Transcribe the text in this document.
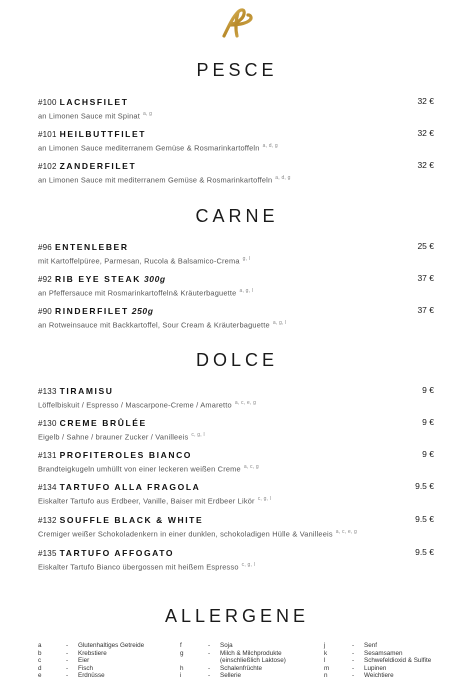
PESCE
#100 LACHSFILET	32 €
an Limonen Sauce mit Spinat $^{a, g}$
#101 HEILBUTTFILET	32 €
an Limonen Sauce mediterranem Gemüse & Rosmarinkartoffeln $^{a, d, g}$
#102 ZANDERFILET	32 €
an Limonen Sauce mit mediterranem Gemüse & Rosmarinkartoffeln $^{a, d, g}$
CARNE
#96 ENTENLEBER	25 €
mit Kartoffelpüree, Parmesan, Rucola & Balsamico-Crema $^{g, l}$
#92 RIB EYE STEAK 300g	37 €
an Pfeffersauce mit Rosmarinkartoffeln& Kräuterbaguette $^{a, g, l}$
#90 RINDERFILET 250g	37 €
an Rotweinsauce mit Backkartoffel, Sour Cream & Kräuterbaguette $^{a, g, l}$
DOLCE
#133 TIRAMISU	9 €
Löffelbiskuit / Espresso / Mascarpone-Creme / Amaretto $^{a, c, e, g}$
#130 CREME BRÛLÉE	9 €
Eigelb / Sahne / brauner Zucker / Vanilleeis $^{c, g, l}$
#131 PROFITEROLES BIANCO	9 €
Brandteigkugeln umhüllt von einer leckeren weißen Creme $^{a, c, g}$
#134 TARTUFO ALLA FRAGOLA	9.5 €
Eiskalter Tartufo aus Erdbeer, Vanille, Baiser mit Erdbeer Likör $^{c, g, l}$
#132 SOUFFLE BLACK & WHITE	9.5 €
Cremiger weißer Schokoladenkern in einer dunklen, schokoladigen Hülle & Vanilleeis $^{a, c, e, g}$
#135 TARTUFO AFFOGATO	9.5 €
Eiskalter Tartufo Bianco übergossen mit heißem Espresso $^{c, g, l}$
ALLERGENE
a	- Glutenhaltiges Getreide
b	- Krebstiere
c	- Eier
d	- Fisch
e	- Erdnüsse
f	- Soja
g	- Milch & Milchprodukte
(einschließlich Laktose)
h	- Schalenfrüchte
i	- Sellerie
j	- Senf
k	- Sesamsamen
l	- Schwefeldioxid & Sulfite
m	- Lupinen
n	- Weichtiere
